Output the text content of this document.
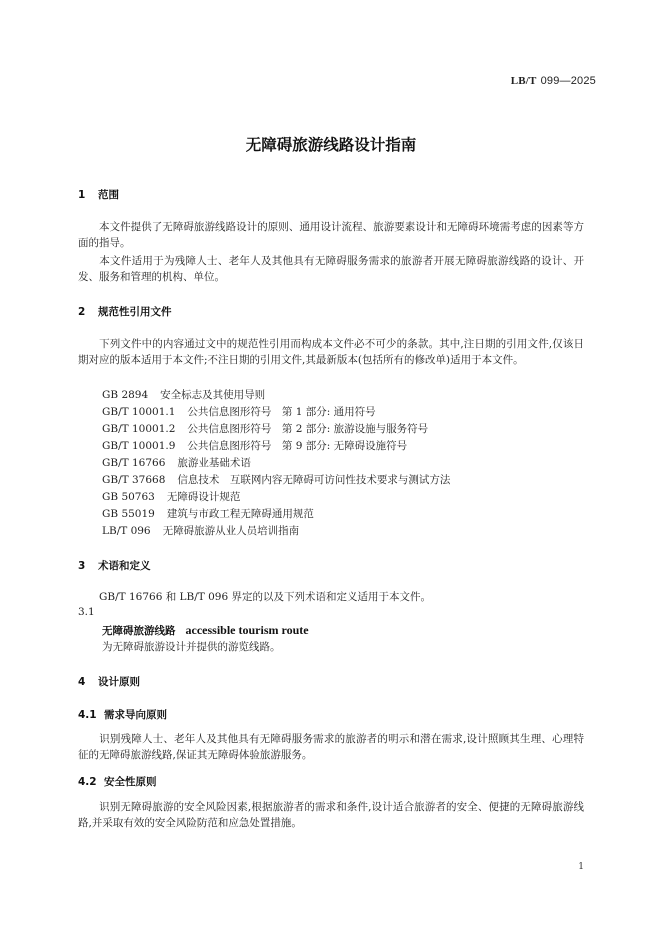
LB/T 099—2025
无障碍旅游线路设计指南
1 范围
本文件提供了无障碍旅游线路设计的原则、通用设计流程、旅游要素设计和无障碍环境需考虑的因素等方面的指导。
本文件适用于为残障人士、老年人及其他具有无障碍服务需求的旅游者开展无障碍旅游线路的设计、开发、服务和管理的机构、单位。
2 规范性引用文件
下列文件中的内容通过文中的规范性引用而构成本文件必不可少的条款。其中,注日期的引用文件,仅该日期对应的版本适用于本文件;不注日期的引用文件,其最新版本(包括所有的修改单)适用于本文件。
GB 2894 安全标志及其使用导则
GB/T 10001.1 公共信息图形符号　第 1 部分: 通用符号
GB/T 10001.2 公共信息图形符号　第 2 部分: 旅游设施与服务符号
GB/T 10001.9 公共信息图形符号　第 9 部分: 无障碍设施符号
GB/T 16766 旅游业基础术语
GB/T 37668 信息技术　互联网内容无障碍可访问性技术要求与测试方法
GB 50763 无障碍设计规范
GB 55019 建筑与市政工程无障碍通用规范
LB/T 096 无障碍旅游从业人员培训指南
3 术语和定义
GB/T 16766 和 LB/T 096 界定的以及下列术语和定义适用于本文件。
3.1
无障碍旅游线路 accessible tourism route
为无障碍旅游设计并提供的游览线路。
4 设计原则
4.1 需求导向原则
识别残障人士、老年人及其他具有无障碍服务需求的旅游者的明示和潜在需求,设计照顾其生理、心理特征的无障碍旅游线路,保证其无障碍体验旅游服务。
4.2 安全性原则
识别无障碍旅游的安全风险因素,根据旅游者的需求和条件,设计适合旅游者的安全、便捷的无障碍旅游线路,并采取有效的安全风险防范和应急处置措施。
1
